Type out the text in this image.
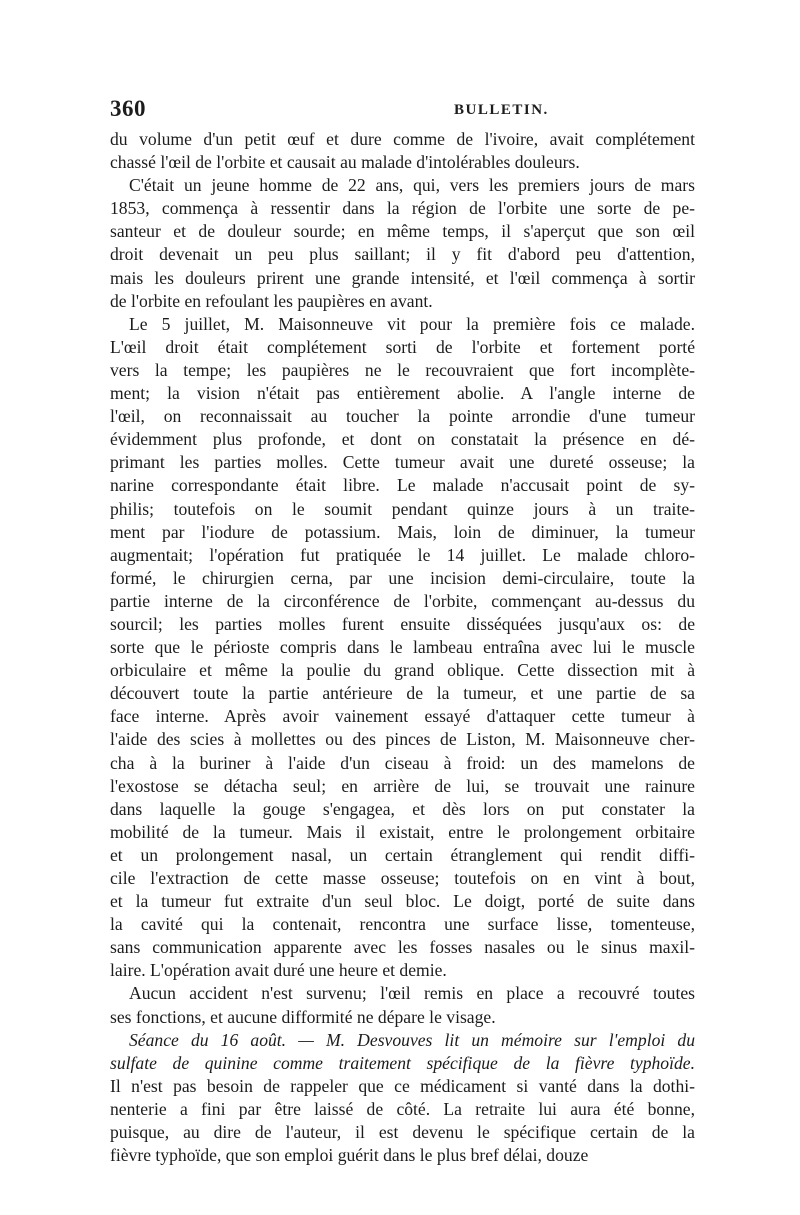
360	BULLETIN.
du volume d'un petit œuf et dure comme de l'ivoire, avait complétement
chassé l'œil de l'orbite et causait au malade d'intolérables douleurs.
C'était un jeune homme de 22 ans, qui, vers les premiers jours de mars
1853, commença à ressentir dans la région de l'orbite une sorte de pe-
santeur et de douleur sourde; en même temps, il s'aperçut que son œil
droit devenait un peu plus saillant; il y fit d'abord peu d'attention,
mais les douleurs prirent une grande intensité, et l'œil commença à sortir
de l'orbite en refoulant les paupières en avant.
Le 5 juillet, M. Maisonneuve vit pour la première fois ce malade.
L'œil droit était complétement sorti de l'orbite et fortement porté
vers la tempe; les paupières ne le recouvraient que fort incomplète-
ment; la vision n'était pas entièrement abolie. A l'angle interne de
l'œil, on reconnaissait au toucher la pointe arrondie d'une tumeur
évidemment plus profonde, et dont on constatait la présence en dé-
primant les parties molles. Cette tumeur avait une dureté osseuse; la
narine correspondante était libre. Le malade n'accusait point de sy-
philis; toutefois on le soumit pendant quinze jours à un traite-
ment par l'iodure de potassium. Mais, loin de diminuer, la tumeur
augmentait; l'opération fut pratiquée le 14 juillet. Le malade chloro-
formé, le chirurgien cerna, par une incision demi-circulaire, toute la
partie interne de la circonférence de l'orbite, commençant au-dessus du
sourcil; les parties molles furent ensuite disséquées jusqu'aux os: de
sorte que le périoste compris dans le lambeau entraîna avec lui le muscle
orbiculaire et même la poulie du grand oblique. Cette dissection mit à
découvert toute la partie antérieure de la tumeur, et une partie de sa
face interne. Après avoir vainement essayé d'attaquer cette tumeur à
l'aide des scies à mollettes ou des pinces de Liston, M. Maisonneuve cher-
cha à la buriner à l'aide d'un ciseau à froid: un des mamelons de
l'exostose se détacha seul; en arrière de lui, se trouvait une rainure
dans laquelle la gouge s'engagea, et dès lors on put constater la
mobilité de la tumeur. Mais il existait, entre le prolongement orbitaire
et un prolongement nasal, un certain étranglement qui rendit diffi-
cile l'extraction de cette masse osseuse; toutefois on en vint à bout,
et la tumeur fut extraite d'un seul bloc. Le doigt, porté de suite dans
la cavité qui la contenait, rencontra une surface lisse, tomenteuse,
sans communication apparente avec les fosses nasales ou le sinus maxil-
laire. L'opération avait duré une heure et demie.
Aucun accident n'est survenu; l'œil remis en place a recouvré toutes
ses fonctions, et aucune difformité ne dépare le visage.
Séance du 16 août. — M. Desvouves lit un mémoire sur l'emploi du
sulfate de quinine comme traitement spécifique de la fièvre typhoïde.
Il n'est pas besoin de rappeler que ce médicament si vanté dans la dothi-
nenterie a fini par être laissé de côté. La retraite lui aura été bonne,
puisque, au dire de l'auteur, il est devenu le spécifique certain de la
fièvre typhoïde, que son emploi guérit dans le plus bref délai, douze
